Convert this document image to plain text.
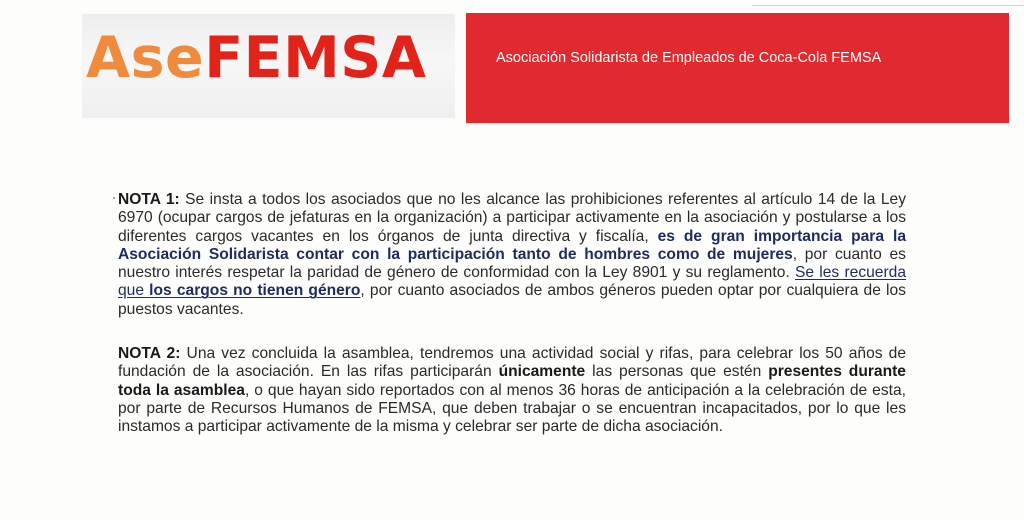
AseFEMSA	Asociación Solidarista de Empleados de Coca-Cola FEMSA
NOTA 1: Se insta a todos los asociados que no les alcance las prohibiciones referentes al artículo 14 de la Ley 6970 (ocupar cargos de jefaturas en la organización) a participar activamente en la asociación y postularse a los diferentes cargos vacantes en los órganos de junta directiva y fiscalía, es de gran importancia para la Asociación Solidarista contar con la participación tanto de hombres como de mujeres, por cuanto es nuestro interés respetar la paridad de género de conformidad con la Ley 8901 y su reglamento. Se les recuerda que los cargos no tienen género, por cuanto asociados de ambos géneros pueden optar por cualquiera de los puestos vacantes.
NOTA 2: Una vez concluida la asamblea, tendremos una actividad social y rifas, para celebrar los 50 años de fundación de la asociación. En las rifas participarán únicamente las personas que estén presentes durante toda la asamblea, o que hayan sido reportados con al menos 36 horas de anticipación a la celebración de esta, por parte de Recursos Humanos de FEMSA, que deben trabajar o se encuentran incapacitados, por lo que les instamos a participar activamente de la misma y celebrar ser parte de dicha asociación.
